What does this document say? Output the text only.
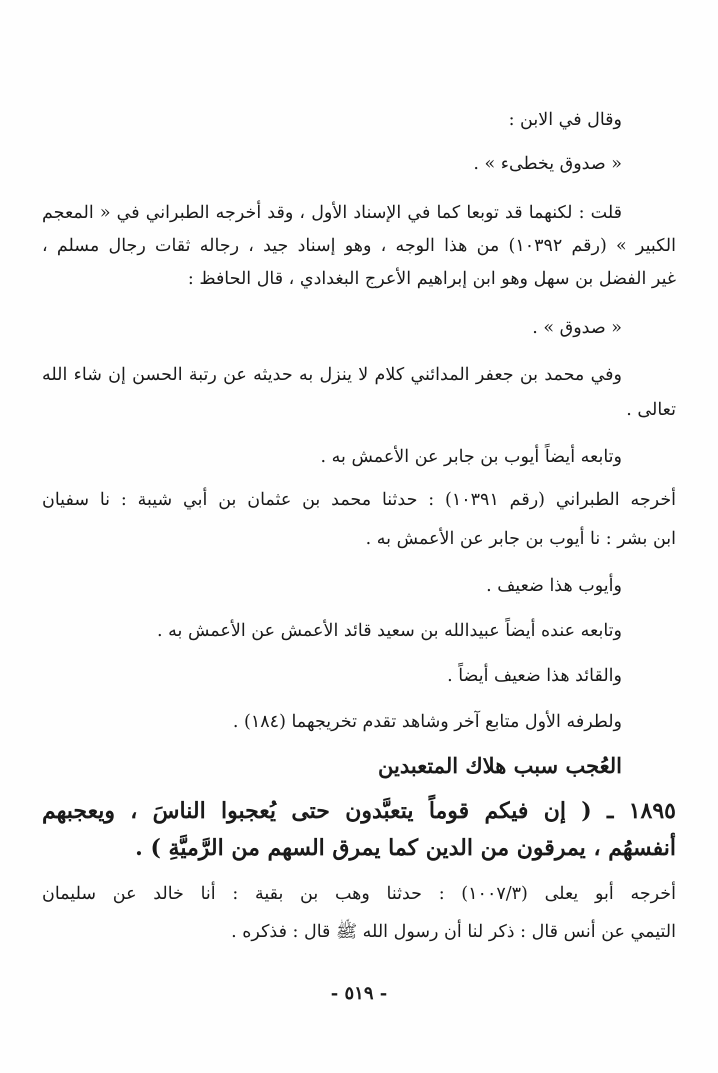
وقال في الابن :
« صدوق يخطىء » .
قلت : لكنهما قد توبعا كما في الإسناد الأول ، وقد أخرجه الطبراني في « المعجم
الكبير » (رقم ١٠٣٩٢) من هذا الوجه ، وهو إسناد جيد ، رجاله ثقات رجال مسلم ،
غير الفضل بن سهل وهو ابن إبراهيم الأعرج البغدادي ، قال الحافظ :
« صدوق » .
وفي محمد بن جعفر المدائني كلام لا ينزل به حديثه عن رتبة الحسن إن شاء الله
تعالى .
وتابعه أيضاً أيوب بن جابر عن الأعمش به .
أخرجه الطبراني (رقم ١٠٣٩١) : حدثنا محمد بن عثمان بن أبي شيبة : نا سفيان
ابن بشر : نا أيوب بن جابر عن الأعمش به .
وأيوب هذا ضعيف .
وتابعه عنده أيضاً عبيدالله بن سعيد قائد الأعمش عن الأعمش به .
والقائد هذا ضعيف أيضاً .
ولطرفه الأول متابع آخر وشاهد تقدم تخريجهما (١٨٤) .
العُجب سبب هلاك المتعبدين
١٨٩٥ ـ ( إن فيكم قوماً يتعبَّدون حتى يُعجبوا الناسَ ، ويعجبهم
أنفسهُم ، يمرقون من الدين كما يمرق السهم من الرَّميَّةِ ) .
أخرجه أبو يعلى (١٠٠٧/٣) : حدثنا وهب بن بقية : أنا خالد عن سليمان
التيمي عن أنس قال : ذكر لنا أن رسول الله ﷺ قال : فذكره .
- ٥١٩ -
